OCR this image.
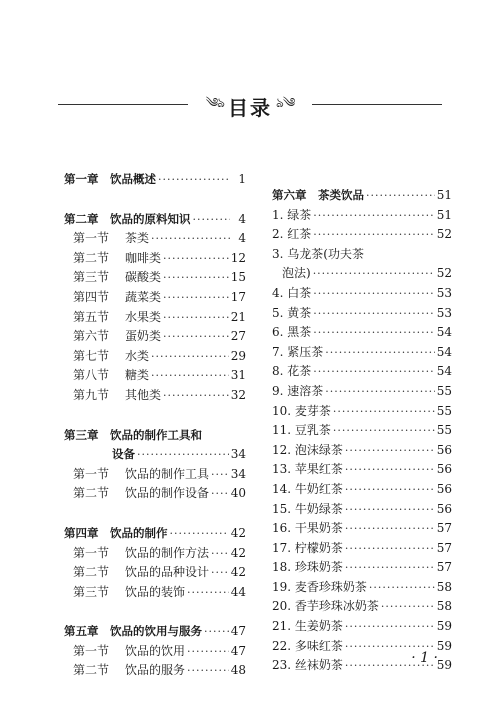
༄ঌ 目录 ঌ༄
第一章　饮品概述 ·····	1
第二章　饮品的原料知识 ·····	4
第一节 茶类 ·····	4
第二节 咖啡类 ·····	12
第三节 碳酸类 ·····	15
第四节 蔬菜类 ·····	17
第五节 水果类 ·····	21
第六节 蛋奶类 ·····	27
第七节 水类 ·····	29
第八节 糖类 ·····	31
第九节 其他类 ·····	32
第三章　饮品的制作工具和
设备 ·····	34
第一节 饮品的制作工具 ····· 34
第二节 饮品的制作设备 ····· 40
第四章　饮品的制作 ·····	42
第一节 饮品的制作方法 ····· 42
第二节 饮品的品种设计 ····· 42
第三节 饮品的装饰 ·····	44
第五章　饮品的饮用与服务 ····· 47
第一节 饮品的饮用 ·····	47
第二节 饮品的服务 ·····	48
第六章　茶类饮品 ·····	51
1. 绿茶 ·····	51
2. 红茶 ·····	52
3. 乌龙茶(功夫茶
泡法) ·····	52
4. 白茶 ·····	53
5. 黄茶 ·····	53
6. 黑茶 ·····	54
7. 紧压茶 ·····	54
8. 花茶 ·····	54
9. 速溶茶 ·····	55
10. 麦芽茶 ·····	55
11. 豆乳茶 ·····	55
12. 泡沫绿茶 ·····	56
13. 苹果红茶 ·····	56
14. 牛奶红茶 ·····	56
15. 牛奶绿茶 ·····	56
16. 干果奶茶 ·····	57
17. 柠檬奶茶 ·····	57
18. 珍珠奶茶 ·····	57
19. 麦香珍珠奶茶 ·····	58
20. 香芋珍珠冰奶茶 ·····	58
21. 生姜奶茶 ·····	59
22. 多味红茶 ·····	59
23. 丝袜奶茶 ·····	59
· 1 ·
